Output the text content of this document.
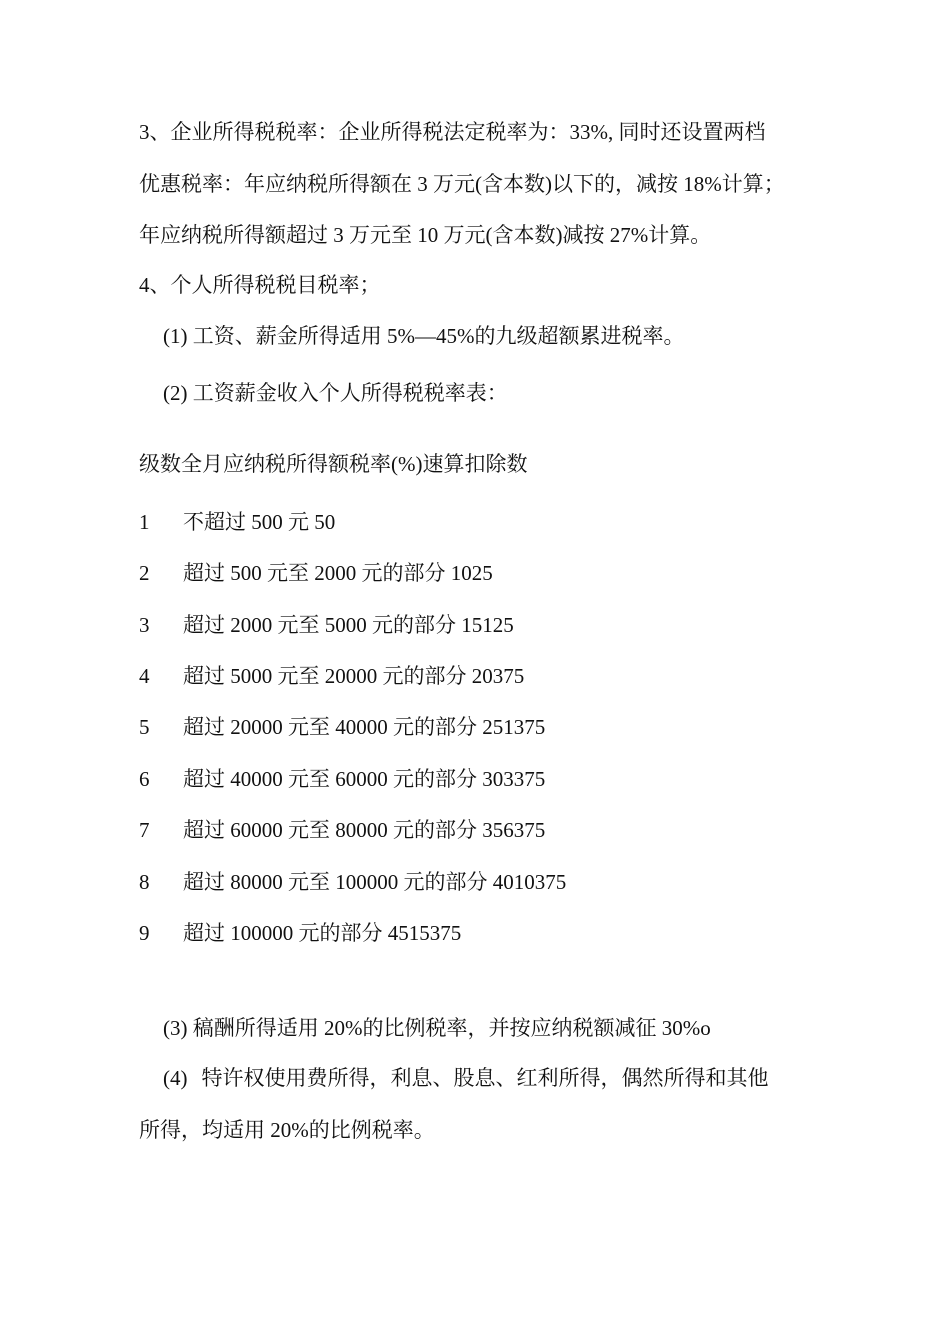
3、企业所得税税率：企业所得税法定税率为：33%, 同时还设置两档
优惠税率：年应纳税所得额在 3 万元(含本数)以下的，减按 18%计算；
年应纳税所得额超过 3 万元至 10 万元(含本数)减按 27%计算。
4、个人所得税税目税率；
(1) 工资、薪金所得适用 5%—45%的九级超额累进税率。
(2) 工资薪金收入个人所得税税率表：
级数全月应纳税所得额税率(%)速算扣除数
1 不超过 500 元 50
2 超过 500 元至 2000 元的部分 1025
3 超过 2000 元至 5000 元的部分 15125
4 超过 5000 元至 20000 元的部分 20375
5 超过 20000 元至 40000 元的部分 251375
6 超过 40000 元至 60000 元的部分 303375
7 超过 60000 元至 80000 元的部分 356375
8 超过 80000 元至 100000 元的部分 4010375
9 超过 100000 元的部分 4515375
(3) 稿酬所得适用 20%的比例税率，并按应纳税额减征 30%o
(4) 特许权使用费所得，利息、股息、红利所得，偶然所得和其他
所得，均适用 20%的比例税率。
